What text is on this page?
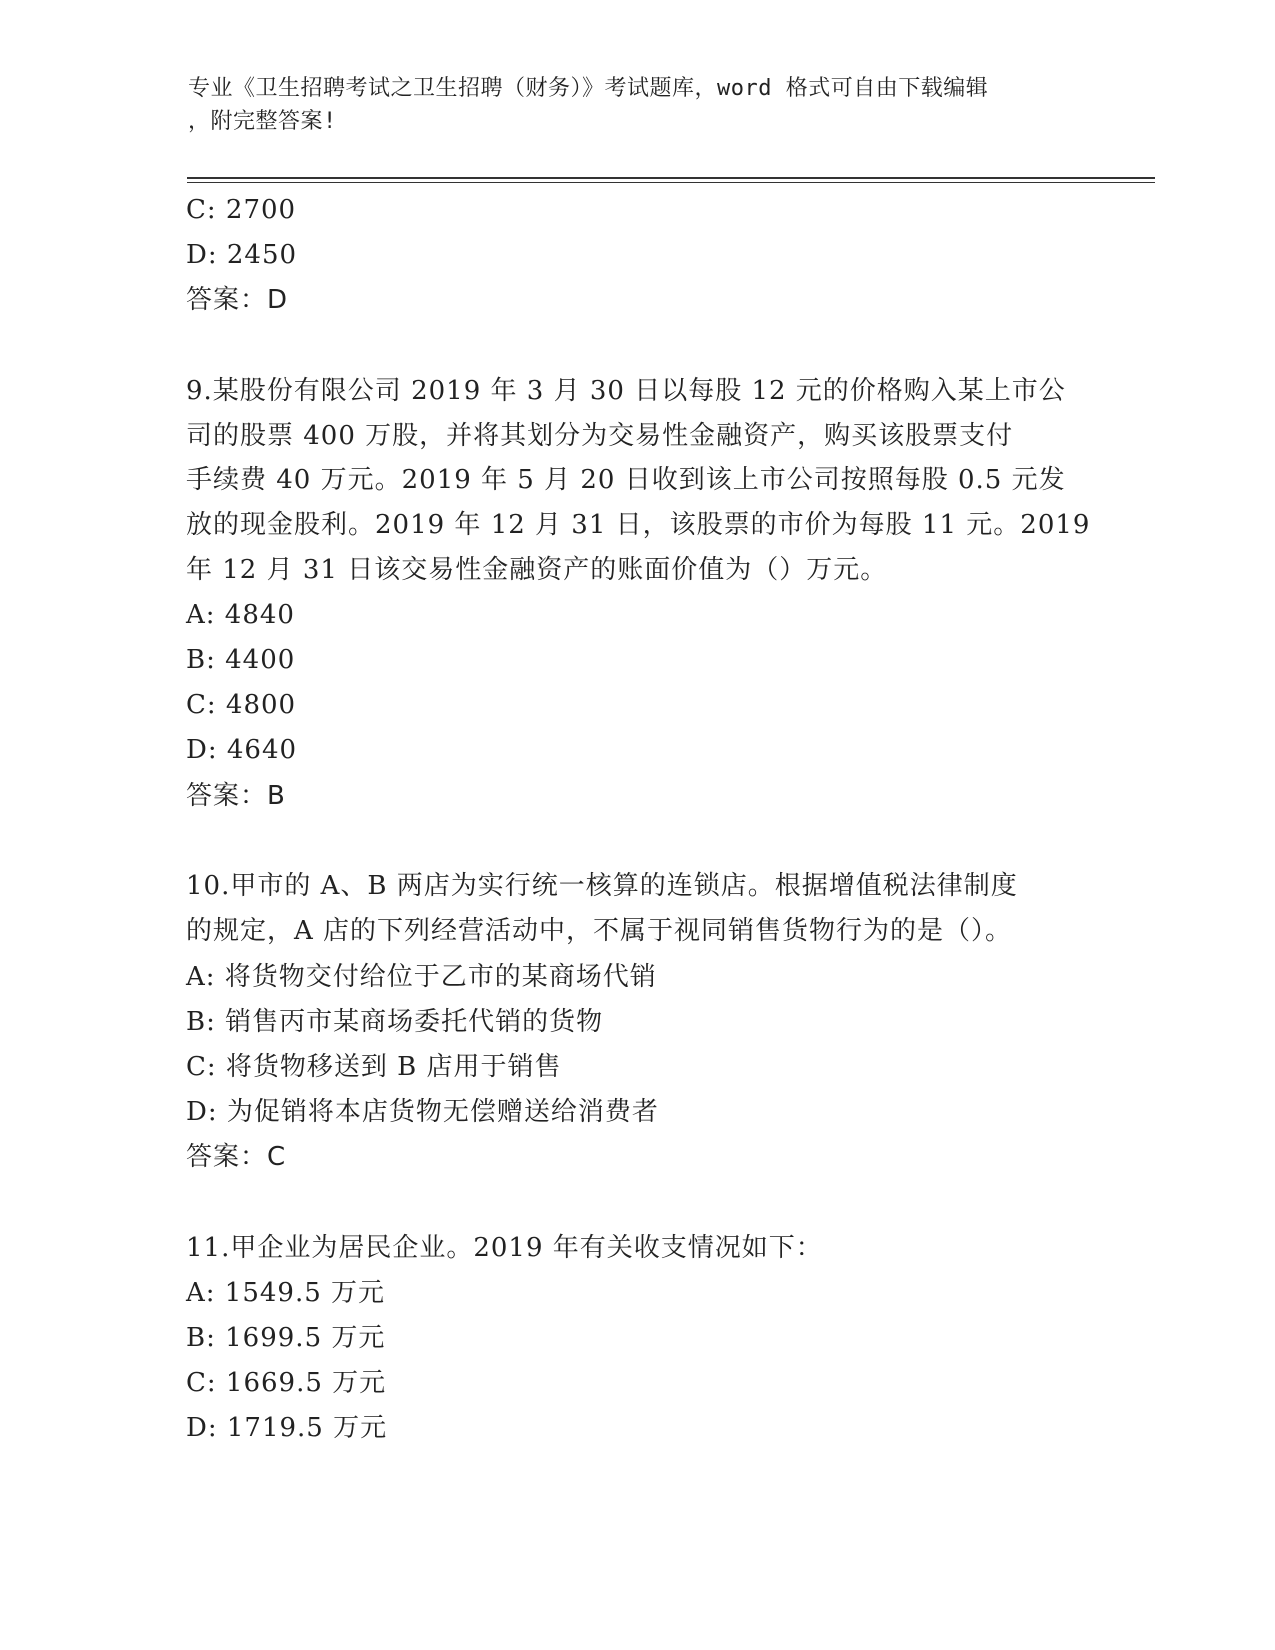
专业《卫生招聘考试之卫生招聘（财务）》考试题库，word 格式可自由下载编辑
，附完整答案!
C: 2700
D: 2450
答案：D
9.某股份有限公司 2019 年 3 月 30 日以每股 12 元的价格购入某上市公
司的股票 400 万股，并将其划分为交易性金融资产，购买该股票支付
手续费 40 万元。2019 年 5 月 20 日收到该上市公司按照每股 0.5 元发
放的现金股利。2019 年 12 月 31 日，该股票的市价为每股 11 元。2019
年 12 月 31 日该交易性金融资产的账面价值为（）万元。
A: 4840
B: 4400
C: 4800
D: 4640
答案：B
10.甲市的 A、B 两店为实行统一核算的连锁店。根据增值税法律制度
的规定，A 店的下列经营活动中，不属于视同销售货物行为的是（）。
A: 将货物交付给位于乙市的某商场代销
B: 销售丙市某商场委托代销的货物
C: 将货物移送到 B 店用于销售
D: 为促销将本店货物无偿赠送给消费者
答案：C
11.甲企业为居民企业。2019 年有关收支情况如下：
A: 1549.5 万元
B: 1699.5 万元
C: 1669.5 万元
D: 1719.5 万元
